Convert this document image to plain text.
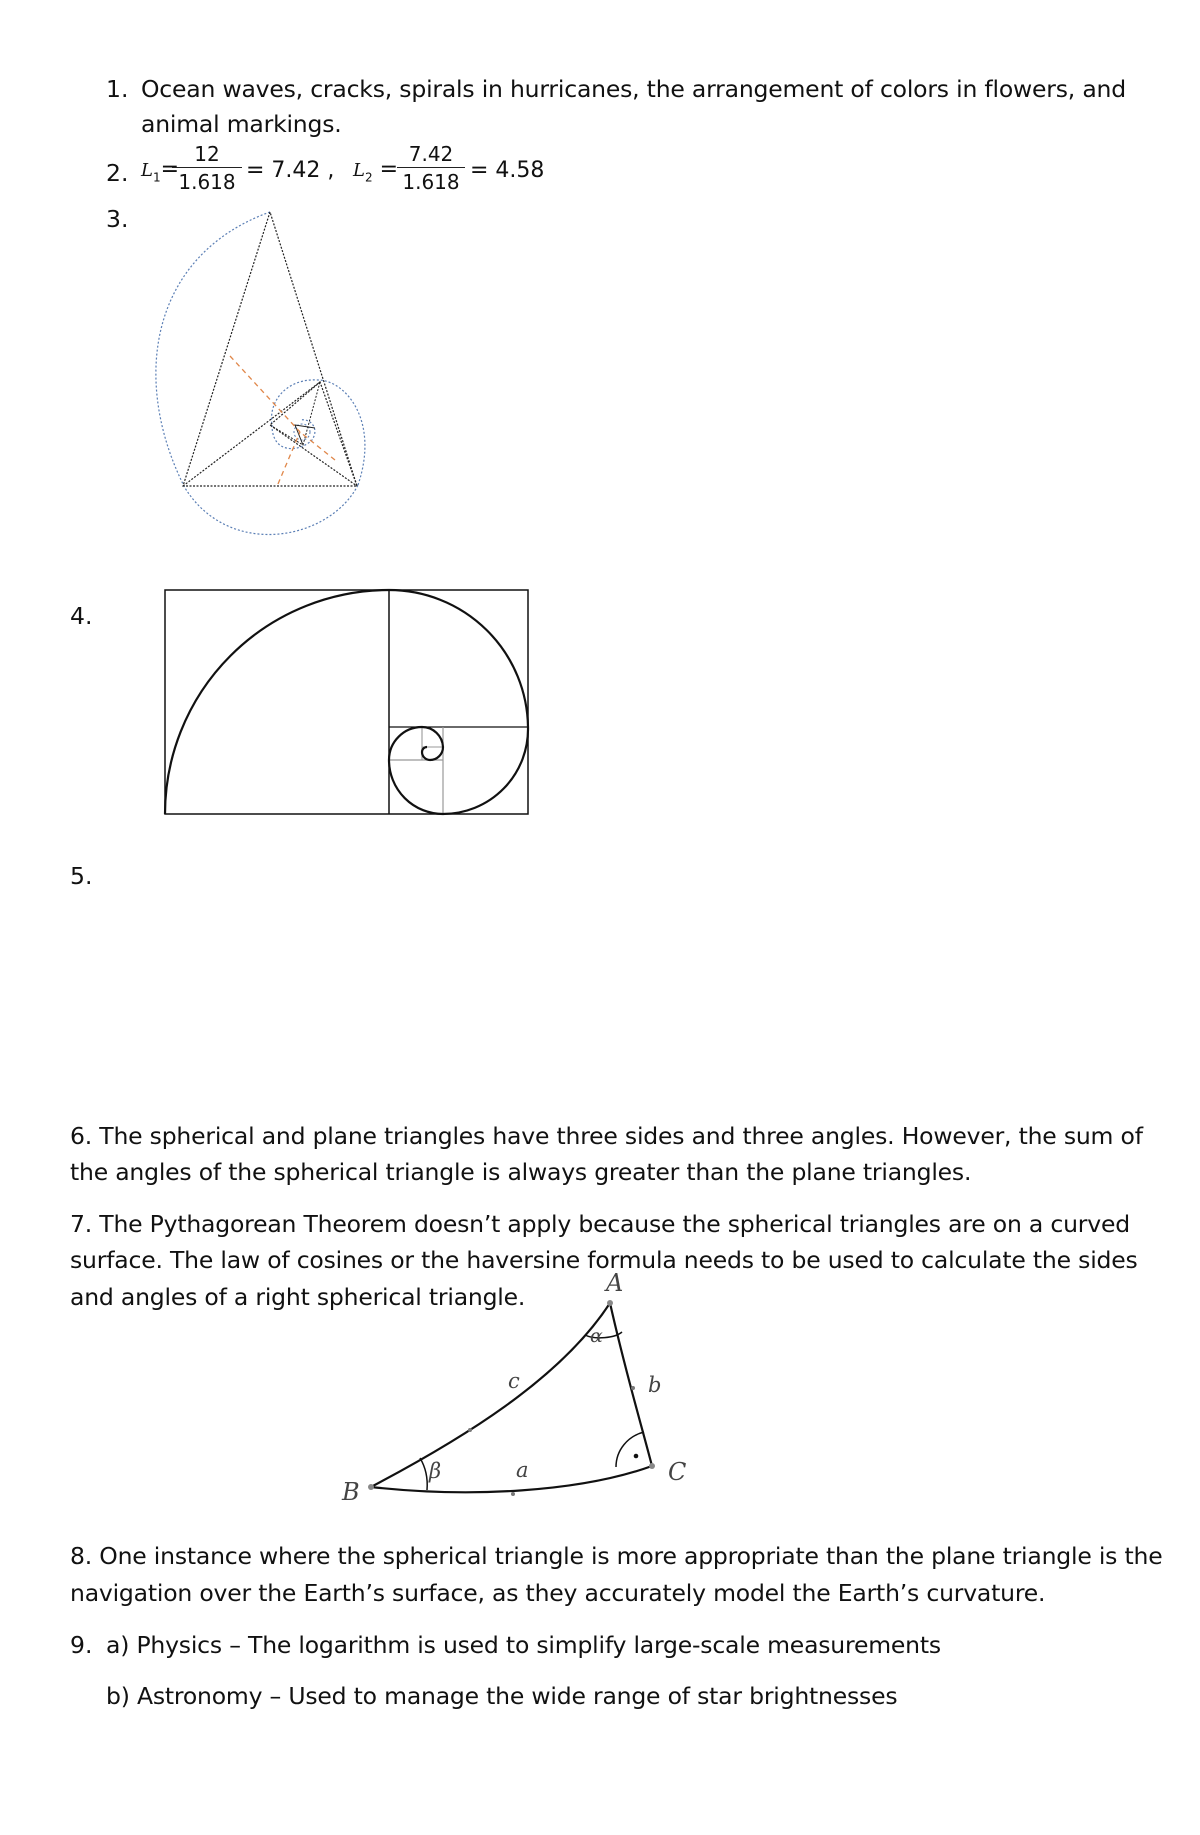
1. Ocean waves, cracks, spirals in hurricanes, the arrangement of colors in flowers, and
animal markings.
2. $L_1=$
$\frac{12}{1.618} = 7.42$ , $L_2$ =
$\frac{7.42}{1.618} = 4.58$
3.
4.
5.
6. The spherical and plane triangles have three sides and three angles. However, the sum of
the angles of the spherical triangle is always greater than the plane triangles.
7. The Pythagorean Theorem doesn’t apply because the spherical triangles are on a curved
surface. The law of cosines or the haversine formula needs to be used to calculate the sides
and angles of a right spherical triangle.	A
B
C
a
b
c
α
β
8. One instance where the spherical triangle is more appropriate than the plane triangle is the
navigation over the Earth’s surface, as they accurately model the Earth’s curvature.
9. a) Physics – The logarithm is used to simplify large-scale measurements
b) Astronomy – Used to manage the wide range of star brightnesses
